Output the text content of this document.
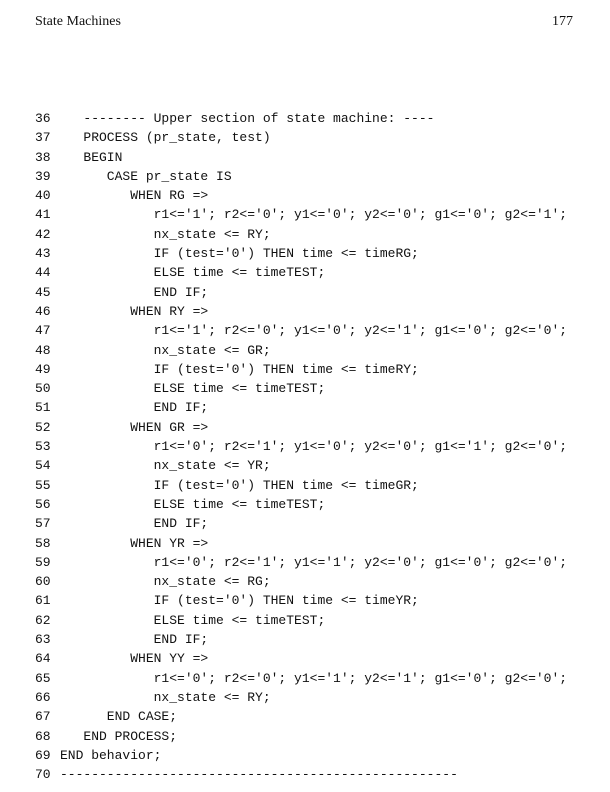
State Machines	177
36 -------- Upper section of state machine: ----
37 PROCESS (pr_state, test)
38 BEGIN
39 CASE pr_state IS
40 WHEN RG =>
41 r1<='1'; r2<='0'; y1<='0'; y2<='0'; g1<='0'; g2<='1';
42 nx_state <= RY;
43 IF (test='0') THEN time <= timeRG;
44 ELSE time <= timeTEST;
45 END IF;
46 WHEN RY =>
47 r1<='1'; r2<='0'; y1<='0'; y2<='1'; g1<='0'; g2<='0';
48 nx_state <= GR;
49 IF (test='0') THEN time <= timeRY;
50 ELSE time <= timeTEST;
51 END IF;
52 WHEN GR =>
53 r1<='0'; r2<='1'; y1<='0'; y2<='0'; g1<='1'; g2<='0';
54 nx_state <= YR;
55 IF (test='0') THEN time <= timeGR;
56 ELSE time <= timeTEST;
57 END IF;
58 WHEN YR =>
59 r1<='0'; r2<='1'; y1<='1'; y2<='0'; g1<='0'; g2<='0';
60 nx_state <= RG;
61 IF (test='0') THEN time <= timeYR;
62 ELSE time <= timeTEST;
63 END IF;
64 WHEN YY =>
65 r1<='0'; r2<='0'; y1<='1'; y2<='1'; g1<='0'; g2<='0';
66 nx_state <= RY;
67 END CASE;
68 END PROCESS;
69 END behavior;
70 ---------------------------------------------------
